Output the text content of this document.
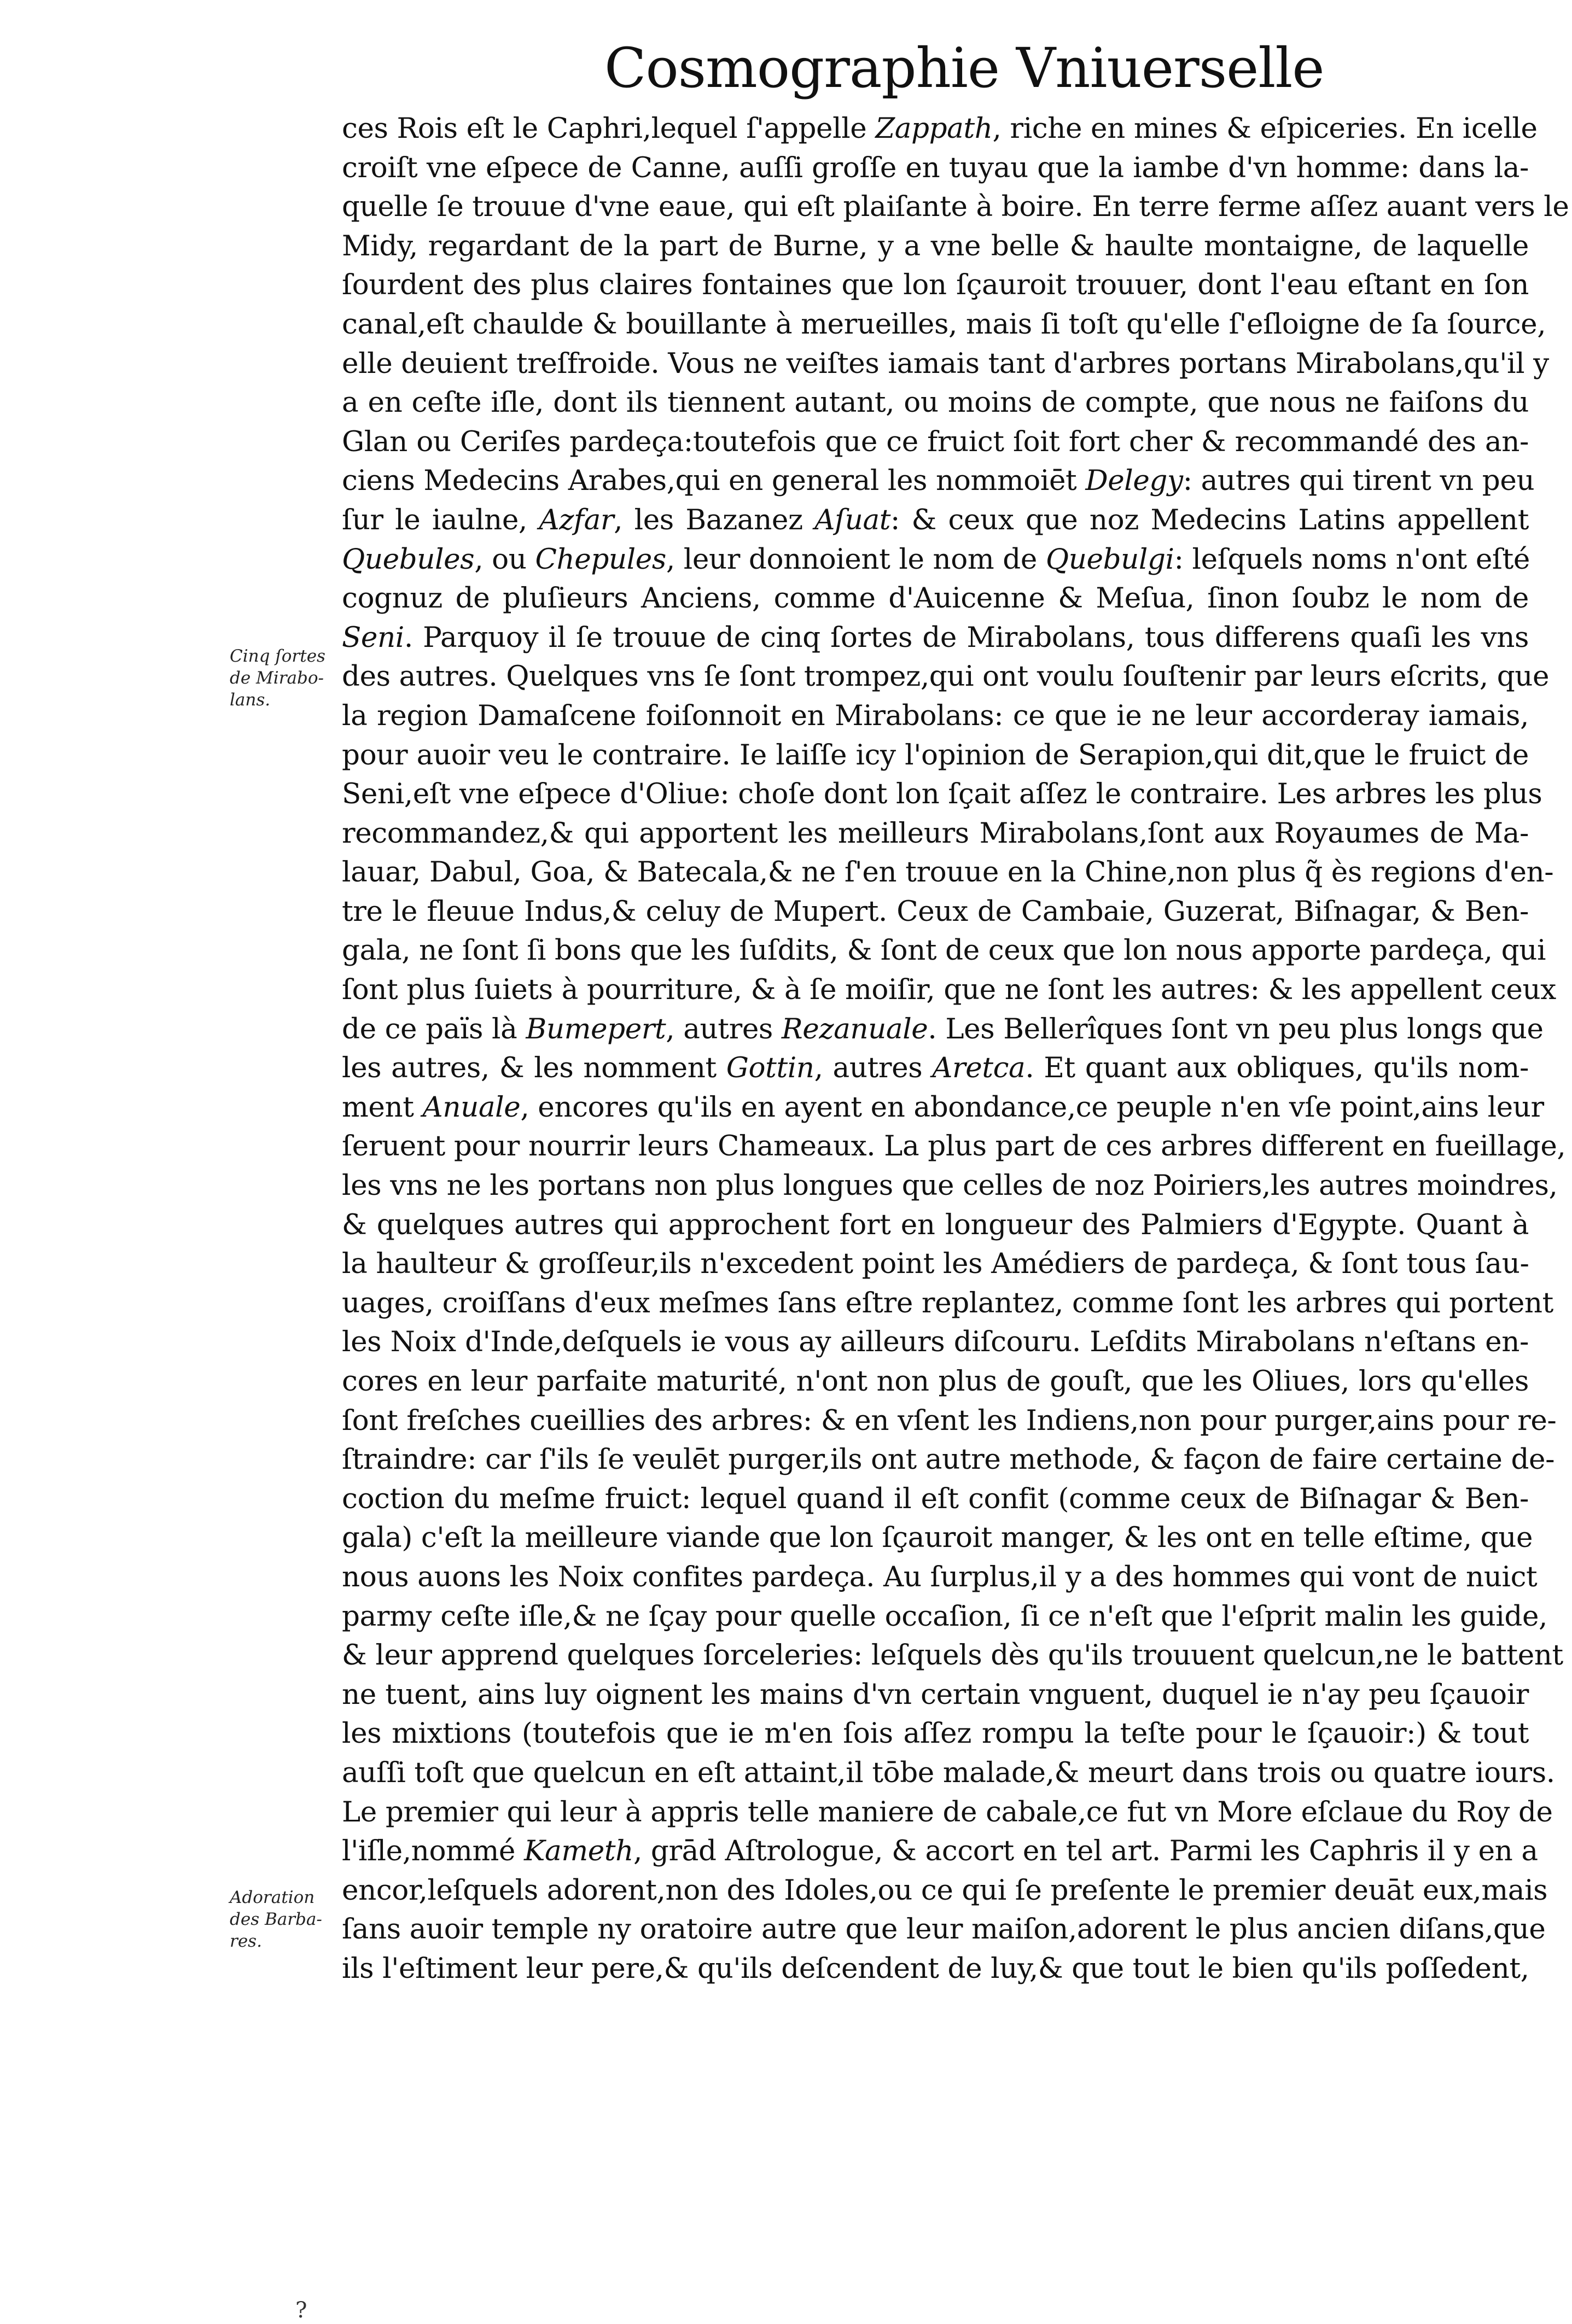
Cosmographie Vniuerselle
ces Rois eſt le Caphri,lequel ſ'appelle Zappath, riche en mines & eſpiceries. En icelle
croiſt vne eſpece de Canne, auſſi groſſe en tuyau que la iambe d'vn homme: dans la-
quelle ſe trouue d'vne eaue, qui eſt plaiſante à boire. En terre ferme aſſez auant vers le
Midy, regardant de la part de Burne, y a vne belle & haulte montaigne, de laquelle
ſourdent des plus claires fontaines que lon ſçauroit trouuer, dont l'eau eſtant en ſon
canal,eſt chaulde & bouillante à merueilles, mais ſi toſt qu'elle ſ'eſloigne de ſa ſource,
elle deuient treſfroide. Vous ne veiſtes iamais tant d'arbres portans Mirabolans,qu'il y
a en ceſte iſle, dont ils tiennent autant, ou moins de compte, que nous ne faiſons du
Glan ou Ceriſes pardeça:toutefois que ce fruict ſoit fort cher & recommandé des an-
ciens Medecins Arabes,qui en general les nommoiēt Delegy: autres qui tirent vn peu
ſur le iaulne, Azfar, les Bazanez Aſuat: & ceux que noz Medecins Latins appellent
Quebules, ou Chepules, leur donnoient le nom de Quebulgi: leſquels noms n'ont eſté
cognuz de pluſieurs Anciens, comme d'Auicenne & Meſua, ſinon ſoubz le nom de
Seni. Parquoy il ſe trouue de cinq ſortes de Mirabolans, tous differens quaſi les vns
des autres. Quelques vns ſe ſont trompez,qui ont voulu ſouſtenir par leurs eſcrits, que
la region Damaſcene foiſonnoit en Mirabolans: ce que ie ne leur accorderay iamais,
pour auoir veu le contraire. Ie laiſſe icy l'opinion de Serapion,qui dit,que le fruict de
Seni,eſt vne eſpece d'Oliue: choſe dont lon ſçait aſſez le contraire. Les arbres les plus
recommandez,& qui apportent les meilleurs Mirabolans,ſont aux Royaumes de Ma-
lauar, Dabul, Goa, & Batecala,& ne ſ'en trouue en la Chine,non plus q̃ ès regions d'en-
tre le fleuue Indus,& celuy de Mupert. Ceux de Cambaie, Guzerat, Biſnagar, & Ben-
gala, ne ſont ſi bons que les ſuſdits, & ſont de ceux que lon nous apporte pardeça, qui
ſont plus ſuiets à pourriture, & à ſe moiſir, que ne ſont les autres: & les appellent ceux
de ce païs là Bumepert, autres Rezanuale. Les Bellerîques ſont vn peu plus longs que
les autres, & les nomment Gottin, autres Aretca. Et quant aux obliques, qu'ils nom-
ment Anuale, encores qu'ils en ayent en abondance,ce peuple n'en vſe point,ains leur
ſeruent pour nourrir leurs Chameaux. La plus part de ces arbres different en fueillage,
les vns ne les portans non plus longues que celles de noz Poiriers,les autres moindres,
& quelques autres qui approchent fort en longueur des Palmiers d'Egypte. Quant à
la haulteur & groſſeur,ils n'excedent point les Amédiers de pardeça, & ſont tous ſau-
uages, croiſſans d'eux meſmes ſans eſtre replantez, comme ſont les arbres qui portent
les Noix d'Inde,deſquels ie vous ay ailleurs diſcouru. Leſdits Mirabolans n'eſtans en-
cores en leur parfaite maturité, n'ont non plus de gouſt, que les Oliues, lors qu'elles
ſont freſches cueillies des arbres: & en vſent les Indiens,non pour purger,ains pour re-
ſtraindre: car ſ'ils ſe veulēt purger,ils ont autre methode, & façon de faire certaine de-
coction du meſme fruict: lequel quand il eſt confit (comme ceux de Biſnagar & Ben-
gala) c'eſt la meilleure viande que lon ſçauroit manger, & les ont en telle eſtime, que
nous auons les Noix confites pardeça. Au ſurplus,il y a des hommes qui vont de nuict
parmy ceſte iſle,& ne ſçay pour quelle occaſion, ſi ce n'eſt que l'eſprit malin les guide,
& leur apprend quelques ſorceleries: leſquels dès qu'ils trouuent quelcun,ne le battent
ne tuent, ains luy oignent les mains d'vn certain vnguent, duquel ie n'ay peu ſçauoir
les mixtions (toutefois que ie m'en ſois aſſez rompu la teſte pour le ſçauoir:) & tout
auſſi toſt que quelcun en eſt attaint,il tōbe malade,& meurt dans trois ou quatre iours.
Le premier qui leur à appris telle maniere de cabale,ce fut vn More eſclaue du Roy de
l'iſle,nommé Kameth, grād Aſtrologue, & accort en tel art. Parmi les Caphris il y en a
encor,leſquels adorent,non des Idoles,ou ce qui ſe preſente le premier deuāt eux,mais
ſans auoir temple ny oratoire autre que leur maiſon,adorent le plus ancien diſans,que
ils l'eſtiment leur pere,& qu'ils deſcendent de luy,& que tout le bien qu'ils poſſedent,
Cinq ſortes
de Mirabo-
lans.
Adoration
des Barba-
res.
?
